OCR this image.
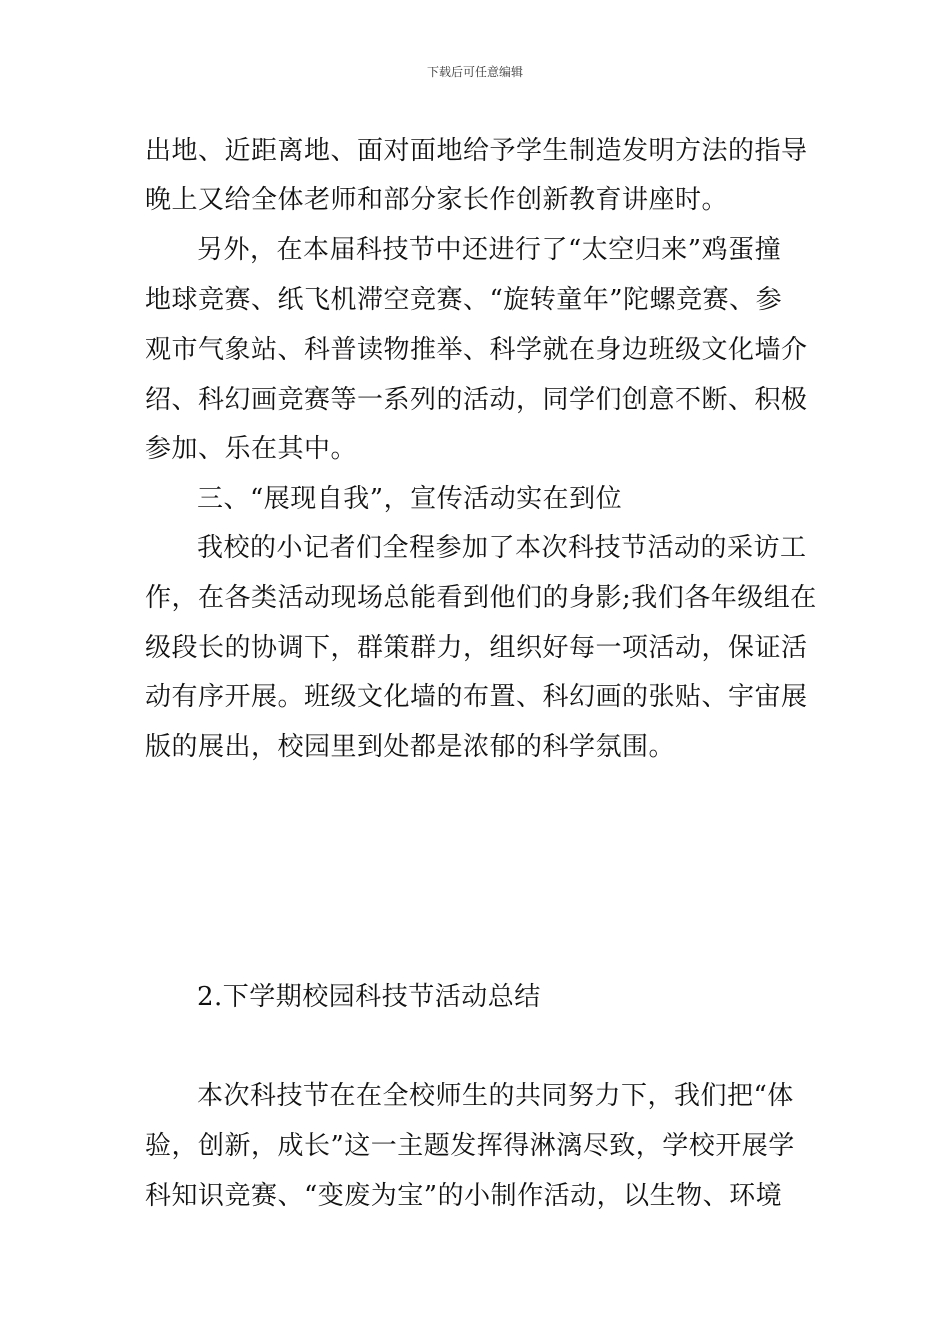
下载后可任意编辑
出地、近距离地、面对面地给予学生制造发明方法的指导
晚上又给全体老师和部分家长作创新教育讲座时。
另外，在本届科技节中还进行了“太空归来”鸡蛋撞
地球竞赛、纸飞机滞空竞赛、“旋转童年”陀螺竞赛、参
观市气象站、科普读物推举、科学就在身边班级文化墙介
绍、科幻画竞赛等一系列的活动，同学们创意不断、积极
参加、乐在其中。
三、“展现自我”，宣传活动实在到位
我校的小记者们全程参加了本次科技节活动的采访工
作，在各类活动现场总能看到他们的身影;我们各年级组在
级段长的协调下，群策群力，组织好每一项活动，保证活
动有序开展。班级文化墙的布置、科幻画的张贴、宇宙展
版的展出，校园里到处都是浓郁的科学氛围。
2.下学期校园科技节活动总结
本次科技节在在全校师生的共同努力下，我们把“体
验，创新，成长”这一主题发挥得淋漓尽致，学校开展学
科知识竞赛、“变废为宝”的小制作活动，以生物、环境
